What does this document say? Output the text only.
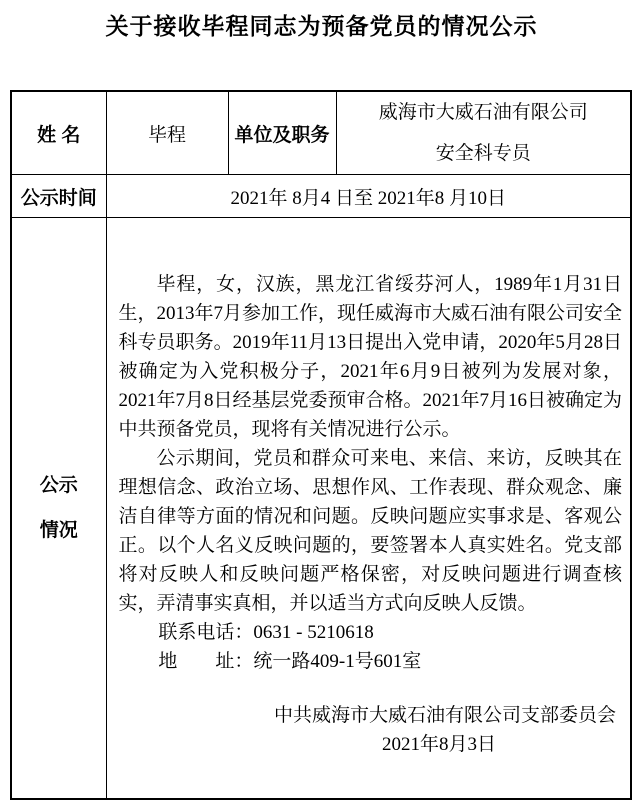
关于接收毕程同志为预备党员的情况公示
姓 名	毕程	单位及职务	威海市大威石油有限公司
安全科专员

公示时间	2021年 8月4 日至 2021年8 月10日		

公示
情况

毕程，女，汉族，黑龙江省绥芬河人，1989年1月31日生，2013年7月参加工作，现任威海市大威石油有限公司安全科专员职务。2019年11月13日提出入党申请，2020年5月28日被确定为入党积极分子，2021年6月9日被列为发展对象，2021年7月8日经基层党委预审合格。2021年7月16日被确定为中共预备党员，现将有关情况进行公示。

公示期间，党员和群众可来电、来信、来访，反映其在理想信念、政治立场、思想作风、工作表现、群众观念、廉洁自律等方面的情况和问题。反映问题应实事求是、客观公正。以个人名义反映问题的，要签署本人真实姓名。党支部将对反映人和反映问题严格保密，对反映问题进行调查核实，弄清事实真相，并以适当方式向反映人反馈。

联系电话：0631 - 5210618
地　　址：统一路409-1号601室
中共威海市大威石油有限公司支部委员会
2021年8月3日
